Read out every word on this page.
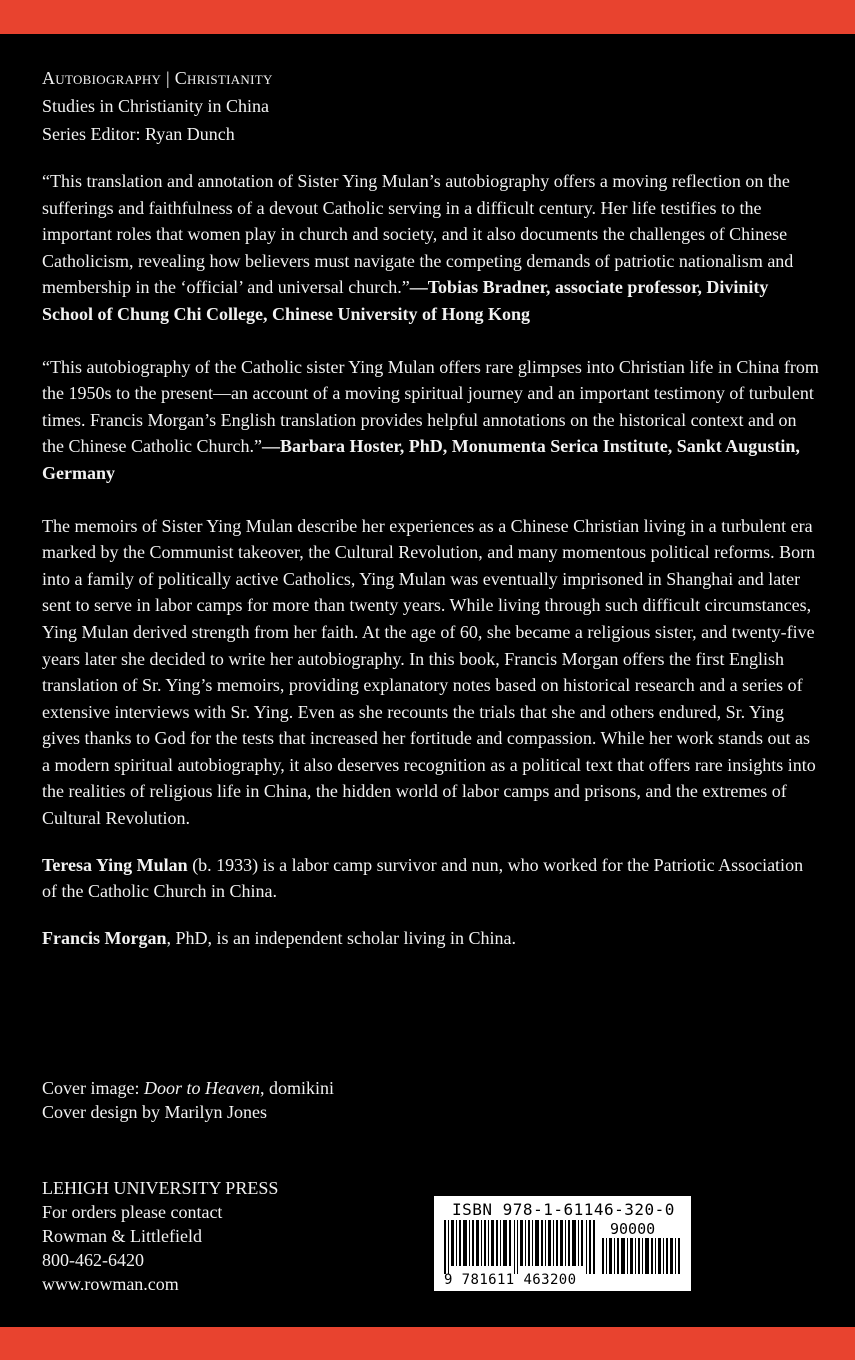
Autobiography | Christianity
Studies in Christianity in China
Series Editor: Ryan Dunch

“This translation and annotation of Sister Ying Mulan’s autobiography offers a moving reflection on the sufferings and faithfulness of a devout Catholic serving in a difficult century. Her life testifies to the important roles that women play in church and society, and it also documents the challenges of Chinese Catholicism, revealing how believers must navigate the competing demands of patriotic nationalism and membership in the ‘official’ and universal church.”—Tobias Bradner, associate professor, Divinity School of Chung Chi College, Chinese University of Hong Kong

“This autobiography of the Catholic sister Ying Mulan offers rare glimpses into Christian life in China from the 1950s to the present—an account of a moving spiritual journey and an important testimony of turbulent times. Francis Morgan’s English translation provides helpful annotations on the historical context and on the Chinese Catholic Church.”—Barbara Hoster, PhD, Monumenta Serica Institute, Sankt Augustin, Germany

The memoirs of Sister Ying Mulan describe her experiences as a Chinese Christian living in a turbulent era marked by the Communist takeover, the Cultural Revolution, and many momentous political reforms. Born into a family of politically active Catholics, Ying Mulan was eventually imprisoned in Shanghai and later sent to serve in labor camps for more than twenty years. While living through such difficult circumstances, Ying Mulan derived strength from her faith. At the age of 60, she became a religious sister, and twenty-five years later she decided to write her autobiography. In this book, Francis Morgan offers the first English translation of Sr. Ying’s memoirs, providing explanatory notes based on historical research and a series of extensive interviews with Sr. Ying. Even as she recounts the trials that she and others endured, Sr. Ying gives thanks to God for the tests that increased her fortitude and compassion. While her work stands out as a modern spiritual autobiography, it also deserves recognition as a political text that offers rare insights into the realities of religious life in China, the hidden world of labor camps and prisons, and the extremes of Cultural Revolution.

Teresa Ying Mulan (b. 1933) is a labor camp survivor and nun, who worked for the Patriotic Association of the Catholic Church in China.

Francis Morgan, PhD, is an independent scholar living in China.

Cover image: Door to Heaven, domikini
Cover design by Marilyn Jones
LEHIGH UNIVERSITY PRESS
For orders please contact
Rowman & Littlefield
800-462-6420
www.rowman.com
ISBN 978-1-61146-320-0
90000
9 781611 463200
